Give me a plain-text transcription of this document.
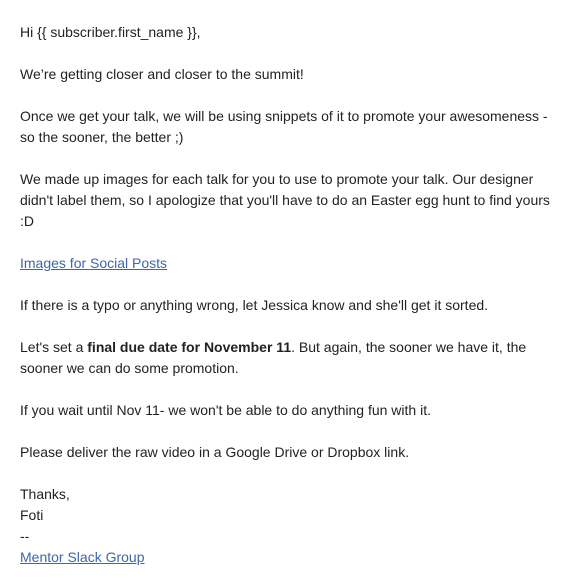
Hi {{ subscriber.first_name }},

We’re getting closer and closer to the summit!

Once we get your talk, we will be using snippets of it to promote your awesomeness - so the sooner, the better ;)

We made up images for each talk for you to use to promote your talk. Our designer didn't label them, so I apologize that you'll have to do an Easter egg hunt to find yours :D

Images for Social Posts

If there is a typo or anything wrong, let Jessica know and she'll get it sorted.

Let's set a final due date for November 11. But again, the sooner we have it, the sooner we can do some promotion.

If you wait until Nov 11- we won't be able to do anything fun with it.

Please deliver the raw video in a Google Drive or Dropbox link.

Thanks,

Foti

--

Mentor Slack Group
